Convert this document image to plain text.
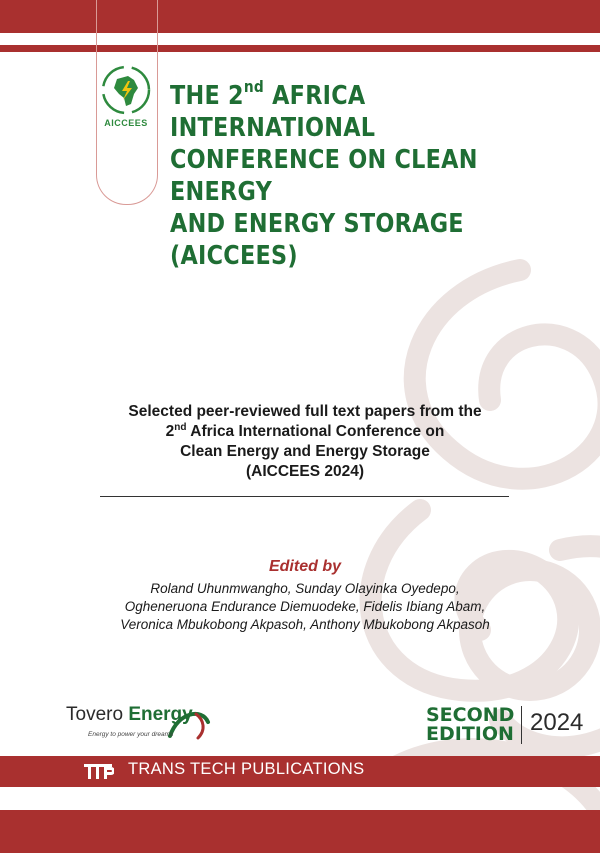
AICCEES
THE 2nd AFRICA INTERNATIONAL
CONFERENCE ON CLEAN ENERGY
AND ENERGY STORAGE (AICCEES)
Selected peer-reviewed full text papers from the
2nd Africa International Conference on
Clean Energy and Energy Storage
(AICCEES 2024)
Edited by
Roland Uhunmwangho, Sunday Olayinka Oyedepo,
Ogheneruona Endurance Diemuodeke, Fidelis Ibiang Abam,
Veronica Mbukobong Akpasoh, Anthony Mbukobong Akpasoh
Tovero Energy
Energy to power your dreams
SECOND
EDITION 2024
TRANS TECH PUBLICATIONS
